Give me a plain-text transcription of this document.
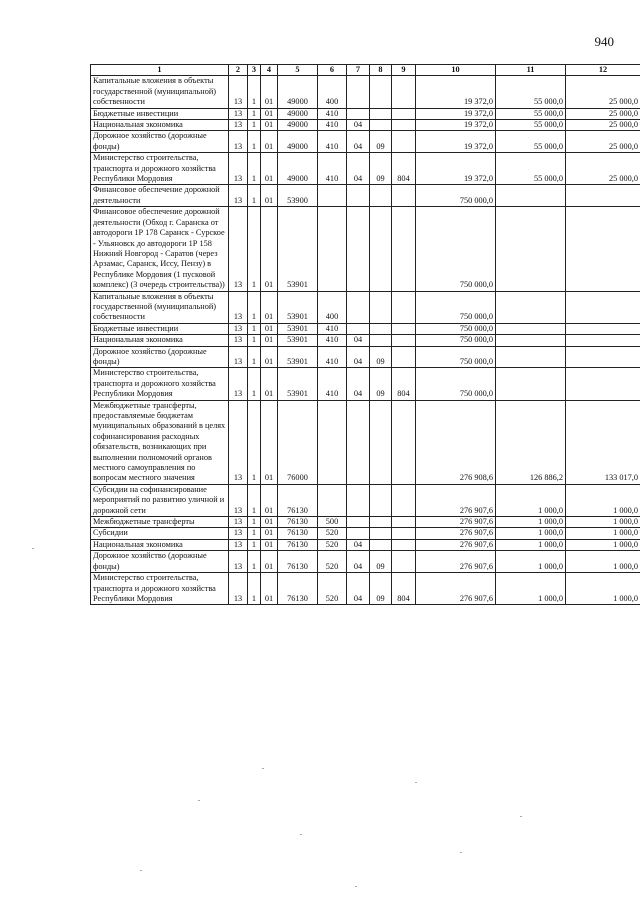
940
1	2	3	4	5	6	7	8	9	10	11	12
Капитальные вложения в объекты государственной (муниципальной) собственности	13	1	01	49000	400				19 372,0	55 000,0	25 000,0
Бюджетные инвестиции	13	1	01	49000	410				19 372,0	55 000,0	25 000,0
Национальная экономика	13	1	01	49000	410	04			19 372,0	55 000,0	25 000,0
Дорожное хозяйство (дорожные фонды)	13	1	01	49000	410	04	09		19 372,0	55 000,0	25 000,0
Министерство строительства, транспорта и дорожного хозяйства Республики Мордовия	13	1	01	49000	410	04	09	804	19 372,0	55 000,0	25 000,0
Финансовое обеспечение дорожной деятельности	13	1	01	53900					750 000,0		
Финансовое обеспечение дорожной деятельности (Обход г. Саранска от автодороги 1Р 178 Саранск - Сурское - Ульяновск до автодороги 1Р 158 Нижний Новгород - Саратов (через Арзамас, Саранск, Иссу, Пензу) в Республике Мордовия (1 пусковой комплекс) (3 очередь строительства))	13	1	01	53901					750 000,0		
Капитальные вложения в объекты государственной (муниципальной) собственности	13	1	01	53901	400				750 000,0		
Бюджетные инвестиции	13	1	01	53901	410				750 000,0		
Национальная экономика	13	1	01	53901	410	04			750 000,0		
Дорожное хозяйство (дорожные фонды)	13	1	01	53901	410	04	09		750 000,0		
Министерство строительства, транспорта и дорожного хозяйства Республики Мордовия	13	1	01	53901	410	04	09	804	750 000,0		
Межбюджетные трансферты, предоставляемые бюджетам муниципальных образований в целях софинансирования расходных обязательств, возникающих при выполнении полномочий органов местного самоуправления по вопросам местного значения	13	1	01	76000					276 908,6	126 886,2	133 017,0
Субсидии на софинансирование мероприятий по развитию уличной и дорожной сети	13	1	01	76130					276 907,6	1 000,0	1 000,0
Межбюджетные трансферты	13	1	01	76130	500				276 907,6	1 000,0	1 000,0
Субсидии	13	1	01	76130	520				276 907,6	1 000,0	1 000,0
Национальная экономика	13	1	01	76130	520	04			276 907,6	1 000,0	1 000,0
Дорожное хозяйство (дорожные фонды)	13	1	01	76130	520	04	09		276 907,6	1 000,0	1 000,0
Министерство строительства, транспорта и дорожного хозяйства Республики Мордовия	13	1	01	76130	520	04	09	804	276 907,6	1 000,0	1 000,0
